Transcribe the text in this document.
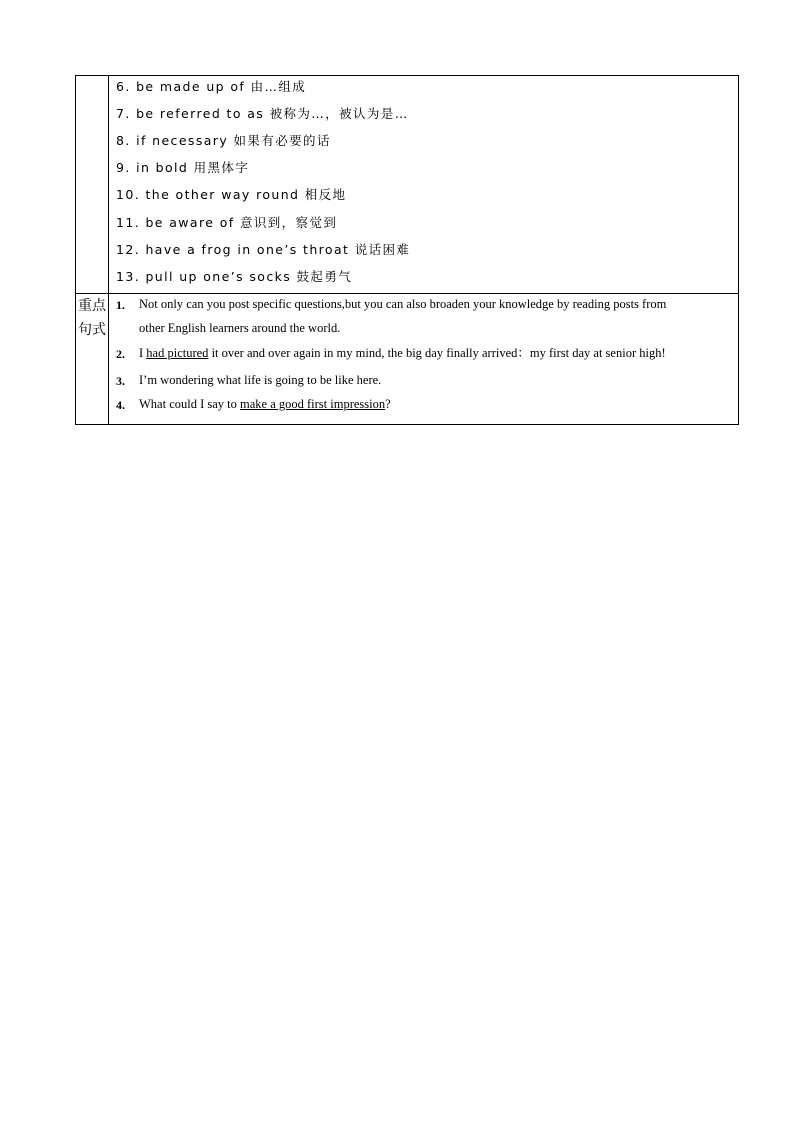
6. be made up of 由…组成
7. be referred to as 被称为…，被认为是…
8. if necessary 如果有必要的话
9. in bold 用黑体字
10. the other way round 相反地
11. be aware of 意识到，察觉到
12. have a frog in one’s throat 说话困难
13. pull up one’s socks 鼓起勇气
重点
句式
1. Not only can you post specific questions,but you can also broaden your knowledge by reading posts from
other English learners around the world.
2. I had pictured it over and over again in my mind, the big day finally arrived：my first day at senior high!
3. I’m wondering what life is going to be like here.
4. What could I say to make a good first impression?
